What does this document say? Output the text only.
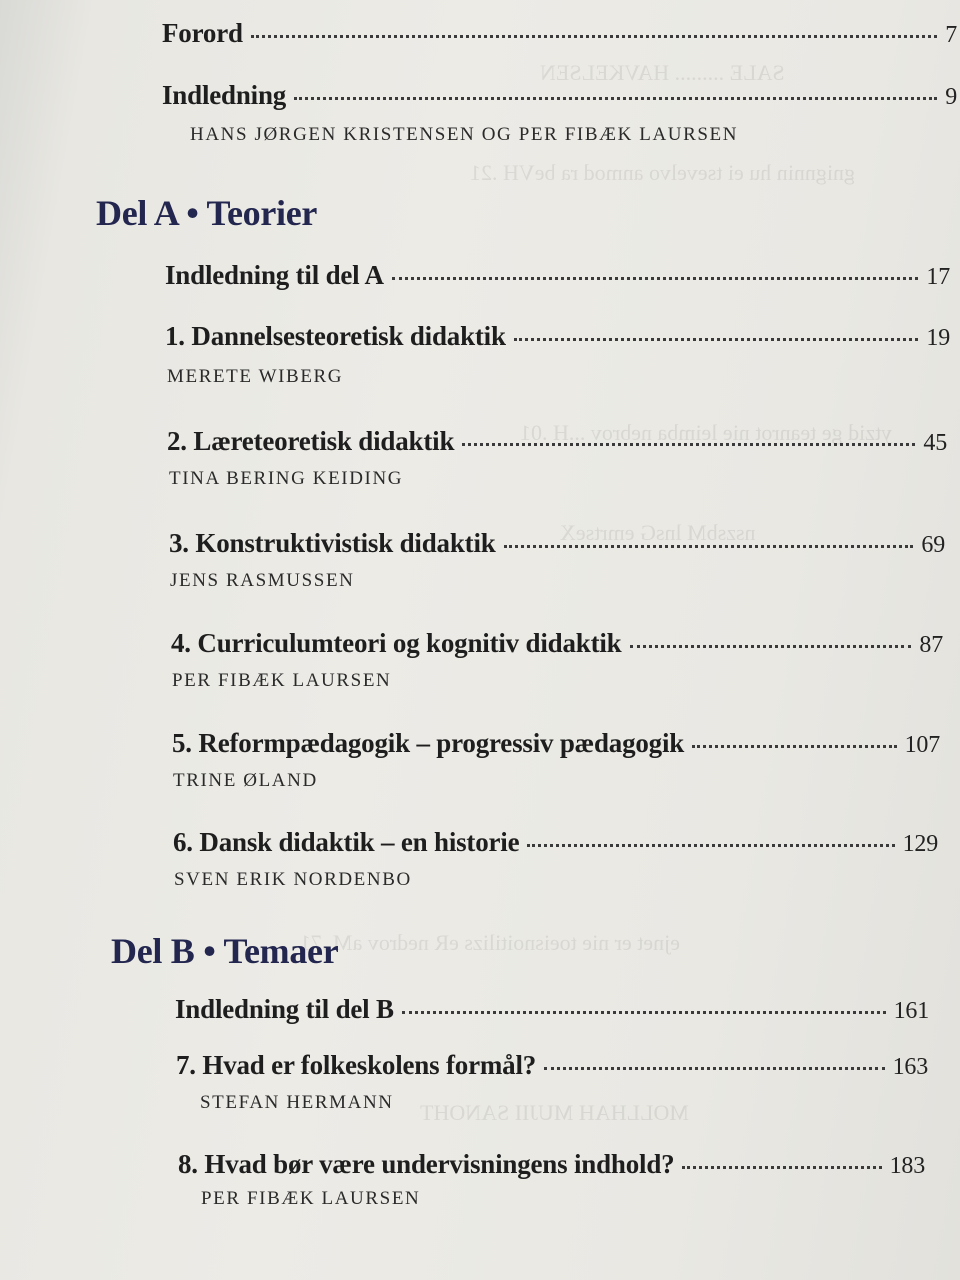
SALE ......... HAVKELSEN
gnignnin hu ei tsevelvo anmod ra beVH .21
ytzid ge teanrot nie leimba nebrov ...H .01
nszsbM lnsG emrtseX
ejnet er nie toeisnoitilizs eR nedrov aM .71
MOLLHAH MUJII SANOHT
Forord	7
Indledning	9
HANS JØRGEN KRISTENSEN OG PER FIBÆK LAURSEN
Del A • Teorier
Indledning til del A	17
1. Dannelsesteoretisk didaktik	19
MERETE WIBERG
2. Læreteoretisk didaktik	45
TINA BERING KEIDING
3. Konstruktivistisk didaktik	69
JENS RASMUSSEN
4. Curriculumteori og kognitiv didaktik	87
PER FIBÆK LAURSEN
5. Reformpædagogik – progressiv pædagogik	107
TRINE ØLAND
6. Dansk didaktik – en historie	129
SVEN ERIK NORDENBO
Del B • Temaer
Indledning til del B	161
7. Hvad er folkeskolens formål?	163
STEFAN HERMANN
8. Hvad bør være undervisningens indhold?	183
PER FIBÆK LAURSEN
